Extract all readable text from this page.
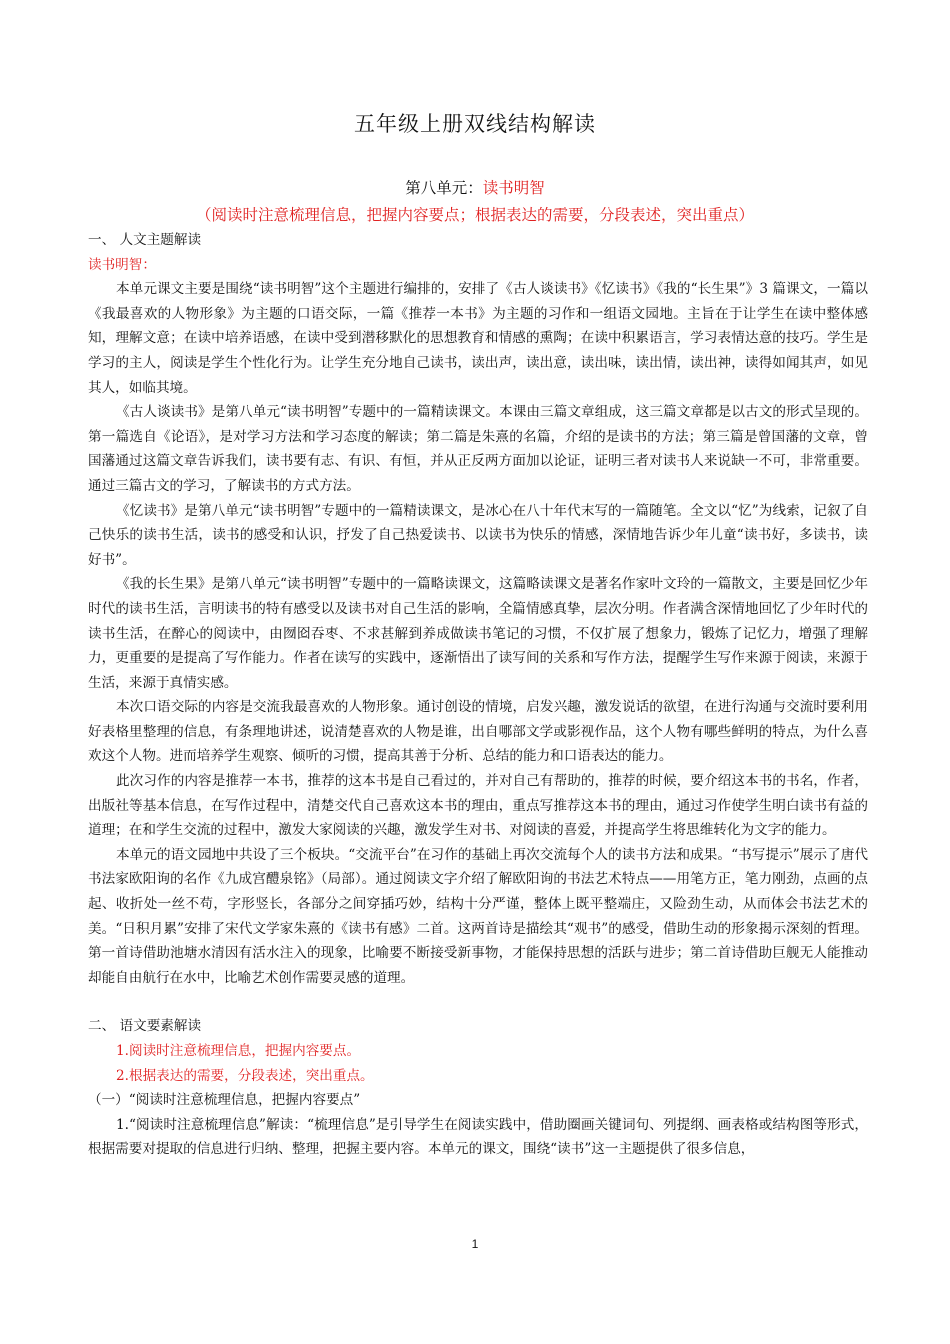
五年级上册双线结构解读
第八单元：读书明智
（阅读时注意梳理信息，把握内容要点；根据表达的需要，分段表述，突出重点）

一、 人文主题解读

读书明智：

本单元课文主要是围绕“读书明智”这个主题进行编排的，安排了《古人谈读书》《忆读书》《我的“长生果”》3 篇课文，一篇以《我最喜欢的人物形象》为主题的口语交际，一篇《推荐一本书》为主题的习作和一组语文园地。主旨在于让学生在读中整体感知，理解文意；在读中培养语感，在读中受到潜移默化的思想教育和情感的熏陶；在读中积累语言，学习表情达意的技巧。学生是学习的主人，阅读是学生个性化行为。让学生充分地自己读书，读出声，读出意，读出味，读出情，读出神，读得如闻其声，如见其人，如临其境。

《古人谈读书》是第八单元“读书明智”专题中的一篇精读课文。本课由三篇文章组成，这三篇文章都是以古文的形式呈现的。第一篇选自《论语》，是对学习方法和学习态度的解读；第二篇是朱熹的名篇，介绍的是读书的方法；第三篇是曾国藩的文章，曾国藩通过这篇文章告诉我们，读书要有志、有识、有恒，并从正反两方面加以论证，证明三者对读书人来说缺一不可，非常重要。通过三篇古文的学习，了解读书的方式方法。

《忆读书》是第八单元“读书明智”专题中的一篇精读课文，是冰心在八十年代末写的一篇随笔。全文以“忆”为线索，记叙了自己快乐的读书生活，读书的感受和认识，抒发了自己热爱读书、以读书为快乐的情感，深情地告诉少年儿童“读书好，多读书，读好书”。

《我的长生果》是第八单元“读书明智”专题中的一篇略读课文，这篇略读课文是著名作家叶文玲的一篇散文，主要是回忆少年时代的读书生活，言明读书的特有感受以及读书对自己生活的影响，全篇情感真挚，层次分明。作者满含深情地回忆了少年时代的读书生活，在醉心的阅读中，由囫囵吞枣、不求甚解到养成做读书笔记的习惯，不仅扩展了想象力，锻炼了记忆力，增强了理解力，更重要的是提高了写作能力。作者在读写的实践中，逐渐悟出了读写间的关系和写作方法，提醒学生写作来源于阅读，来源于生活，来源于真情实感。

本次口语交际的内容是交流我最喜欢的人物形象。通讨创设的情境，启发兴趣，激发说话的欲望，在进行沟通与交流时要利用好表格里整理的信息，有条理地讲述，说清楚喜欢的人物是谁，出自哪部文学或影视作品，这个人物有哪些鲜明的特点，为什么喜欢这个人物。进而培养学生观察、倾听的习惯，提高其善于分析、总结的能力和口语表达的能力。

此次习作的内容是推荐一本书，推荐的这本书是自己看过的，并对自己有帮助的，推荐的时候，要介绍这本书的书名，作者，出版社等基本信息，在写作过程中，清楚交代自己喜欢这本书的理由，重点写推荐这本书的理由，通过习作使学生明白读书有益的道理；在和学生交流的过程中，激发大家阅读的兴趣，激发学生对书、对阅读的喜爱，并提高学生将思维转化为文字的能力。

本单元的语文园地中共设了三个板块。“交流平台”在习作的基础上再次交流每个人的读书方法和成果。“书写提示”展示了唐代书法家欧阳询的名作《九成宫醴泉铭》（局部）。通过阅读文字介绍了解欧阳询的书法艺术特点——用笔方正，笔力刚劲，点画的点起、收折处一丝不苟，字形竖长，各部分之间穿插巧妙，结构十分严谨，整体上既平整端庄，又险劲生动，从而体会书法艺术的美。“日积月累”安排了宋代文学家朱熹的《读书有感》二首。这两首诗是描绘其“观书”的感受，借助生动的形象揭示深刻的哲理。第一首诗借助池塘水清因有活水注入的现象，比喻要不断接受新事物，才能保持思想的活跃与进步；第二首诗借助巨舰无人能推动却能自由航行在水中，比喻艺术创作需要灵感的道理。

二、 语文要素解读

1.阅读时注意梳理信息，把握内容要点。

2.根据表达的需要，分段表述，突出重点。

（一）“阅读时注意梳理信息，把握内容要点”

1.“阅读时注意梳理信息”解读：“梳理信息”是引导学生在阅读实践中，借助圈画关键词句、列提纲、画表格或结构图等形式，根据需要对提取的信息进行归纳、整理，把握主要内容。本单元的课文，围绕“读书”这一主题提供了很多信息，

1
